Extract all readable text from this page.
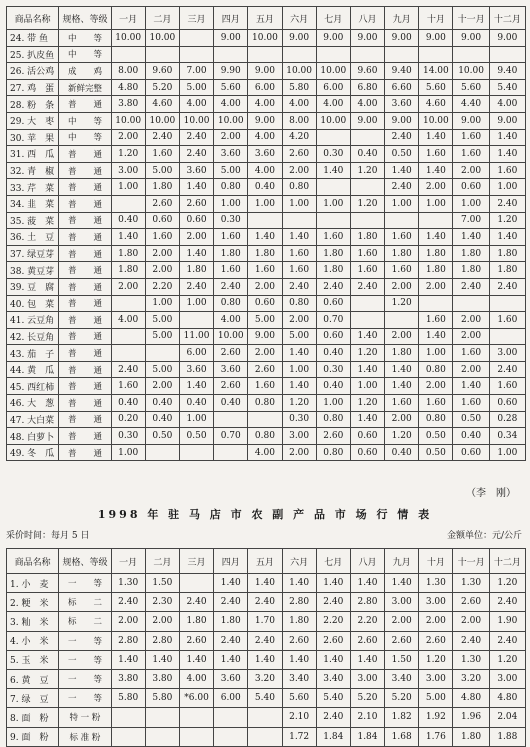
商品名称	规格、等级	一月	二月	三月	四月	五月	六月	七月	八月	九月	十月	十一月	十二月
24. 带 鱼	中　　等	10.00	10.00		9.00	10.00	9.00	9.00	9.00	9.00	9.00	9.00	9.00
25. 扒皮鱼	中　　等												
26. 活公鸡	成　　鸡	8.00	9.60	7.00	9.90	9.00	10.00	10.00	9.60	9.40	14.00	10.00	9.40
27. 鸡　蛋	新鲜完整	4.80	5.20	5.00	5.60	6.00	5.80	6.00	6.80	6.60	5.60	5.60	5.40
28. 粉　条	普　　通	3.80	4.60	4.00	4.00	4.00	4.00	4.00	4.00	3.60	4.60	4.40	4.00
29. 大　枣	中　　等	10.00	10.00	10.00	10.00	9.00	8.00	10.00	9.00	9.00	10.00	9.00	9.00
30. 苹　果	中　　等	2.00	2.40	2.40	2.00	4.00	4.20			2.40	1.40	1.60	1.40
31. 西　瓜	普　　通	1.20	1.60	2.40	3.60	3.60	2.60	0.30	0.40	0.50	1.60	1.60	1.40
32. 青　椒	普　　通	3.00	5.00	3.60	5.00	4.00	2.00	1.40	1.20	1.40	1.40	2.00	1.60
33. 芹　菜	普　　通	1.00	1.80	1.40	0.80	0.40	0.80			2.40	2.00	0.60	1.00
34. 韭　菜	普　　通		2.60	2.60	1.00	1.00	1.00	1.00	1.20	1.00	1.00	1.00	2.40
35. 菠　菜	普　　通	0.40	0.60	0.60	0.30							7.00	1.20
36. 土　豆	普　　通	1.40	1.60	2.00	1.60	1.40	1.40	1.60	1.80	1.60	1.40	1.40	1.40
37. 绿豆芽	普　　通	1.80	2.00	1.40	1.80	1.80	1.60	1.80	1.60	1.80	1.80	1.80	1.80
38. 黄豆芽	普　　通	1.80	2.00	1.80	1.60	1.60	1.60	1.80	1.60	1.60	1.80	1.80	1.80
39. 豆　腐	普　　通	2.00	2.20	2.40	2.40	2.00	2.40	2.40	2.40	2.00	2.00	2.40	2.40
40. 包　菜	普　　通		1.00	1.00	0.80	0.60	0.80	0.60		1.20			
41. 云豆角	普　　通	4.00	5.00		4.00	5.00	2.00	0.70			1.60	2.00	1.60
42. 长豆角	普　　通		5.00	11.00	10.00	9.00	5.00	0.60	1.40	2.00	1.40	2.00	
43. 茄　子	普　　通			6.00	2.60	2.00	1.40	0.40	1.20	1.80	1.00	1.60	3.00
44. 黄　瓜	普　　通	2.40	5.00	3.60	3.60	2.60	1.00	0.30	1.40	1.40	0.80	2.00	2.40
45. 西红柿	普　　通	1.60	2.00	1.40	2.60	1.60	1.40	0.40	1.00	1.40	2.00	1.40	1.60
46. 大　葱	普　　通	0.40	0.40	0.40	0.40	0.80	1.20	1.00	1.20	1.60	1.60	1.60	0.60
47. 大白菜	普　　通	0.20	0.40	1.00			0.30	0.80	1.40	2.00	0.80	0.50	0.28
48. 白萝卜	普　　通	0.30	0.50	0.50	0.70	0.80	3.00	2.60	0.60	1.20	0.50	0.40	0.34
49. 冬　瓜	普　　通	1.00				4.00	2.00	0.80	0.60	0.40	0.50	0.60	1.00
（李　刚）
1998 年 驻 马 店 市 农 副 产 品 市 场 行 情 表
采价时间：每月 5 日	金额单位：元/公斤
商品名称	规格、等级	一月	二月	三月	四月	五月	六月	七月	八月	九月	十月	十一月	十二月
1. 小　麦	一　　等	1.30	1.50		1.40	1.40	1.40	1.40	1.40	1.40	1.30	1.30	1.20
2. 粳　米	标　　二	2.40	2.30	2.40	2.40	2.40	2.80	2.40	2.80	3.00	3.00	2.60	2.40
3. 籼　米	标　　二	2.00	2.00	1.80	1.80	1.70	1.80	2.20	2.20	2.00	2.00	2.00	1.90
4. 小　米	一　　等	2.80	2.80	2.60	2.40	2.40	2.60	2.60	2.60	2.60	2.60	2.40	2.40
5. 玉　米	一　　等	1.40	1.40	1.40	1.40	1.40	1.40	1.40	1.40	1.50	1.20	1.30	1.20
6. 黄　豆	一　　等	3.80	3.80	4.00	3.60	3.20	3.40	3.40	3.00	3.40	3.00	3.20	3.00
7. 绿　豆	一　　等	5.80	5.80	*6.00	6.00	5.40	5.60	5.40	5.20	5.20	5.00	4.80	4.80
8. 面　粉	特 一 粉						2.10	2.40	2.10	1.82	1.92	1.96	2.04
9. 面　粉	标 准 粉						1.72	1.84	1.84	1.68	1.76	1.80	1.88
